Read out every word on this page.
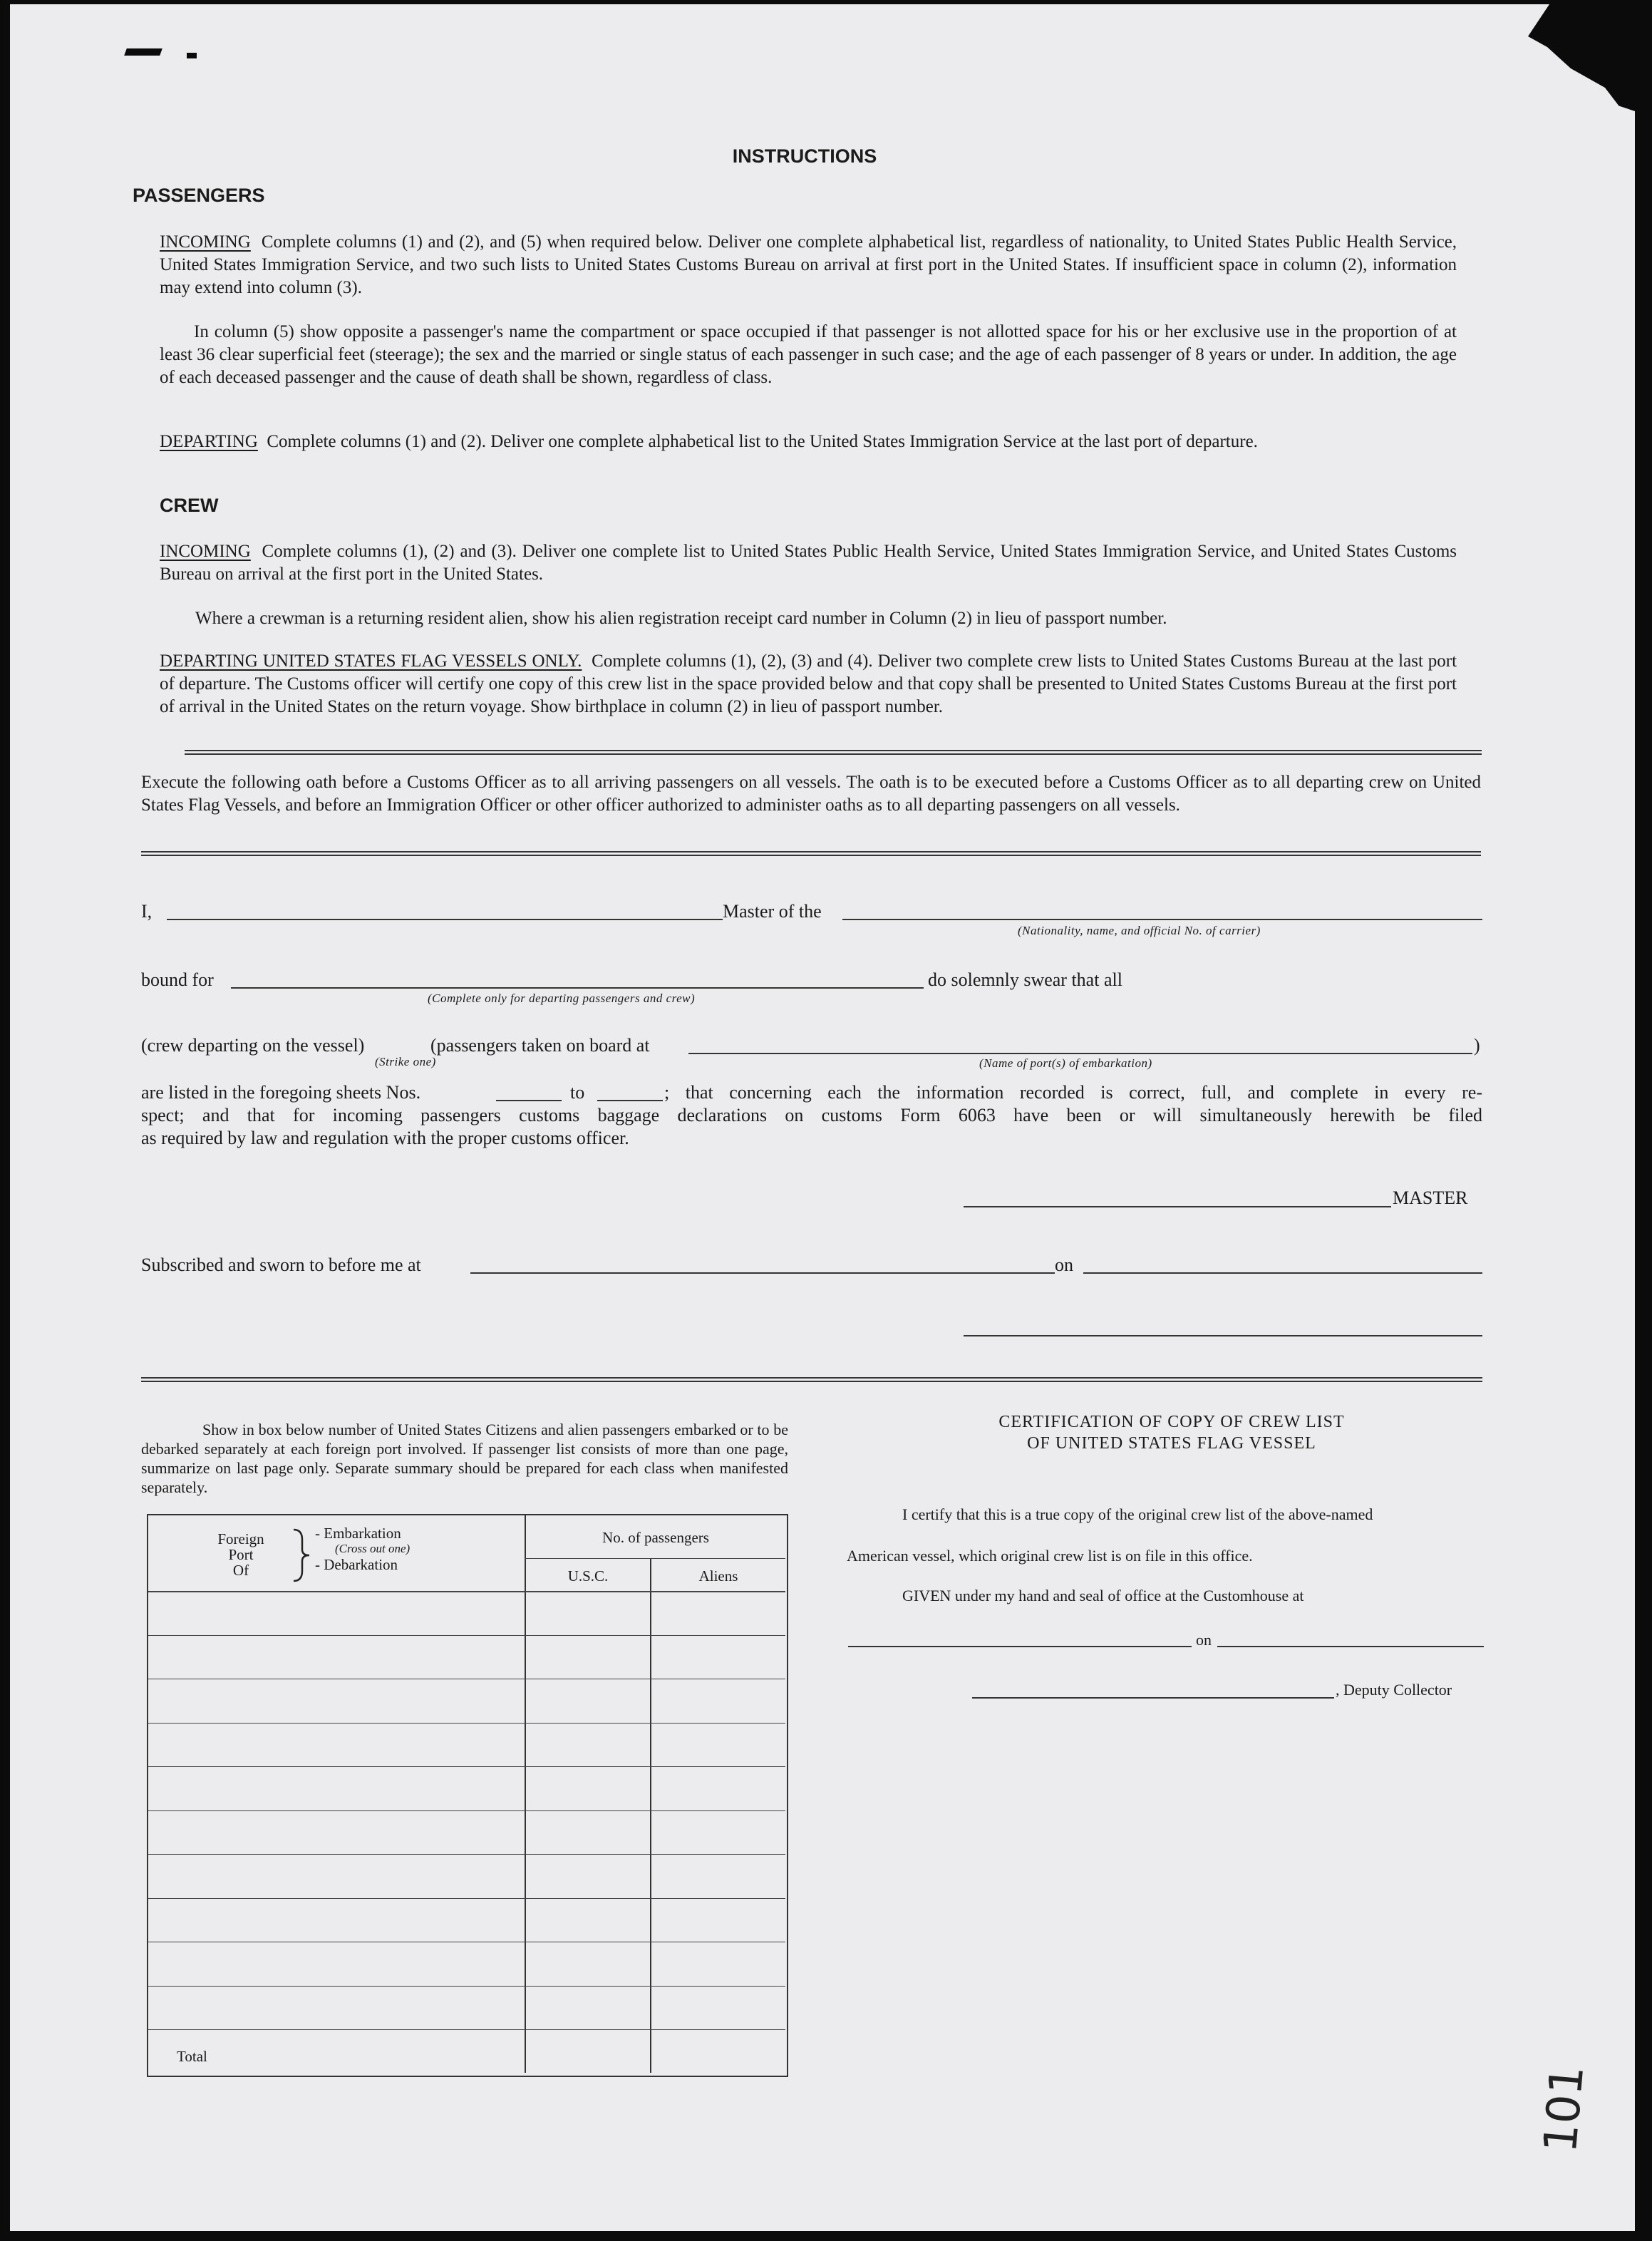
INSTRUCTIONS
PASSENGERS
INCOMING Complete columns (1) and (2), and (5) when required below. Deliver one complete alphabetical list, regardless of nationality, to United States Public Health Service, United States Immigration Service, and two such lists to United States Customs Bureau on arrival at first port in the United States. If insufficient space in column (2), information may extend into column (3).
In column (5) show opposite a passenger's name the compartment or space occupied if that passenger is not allotted space for his or her exclusive use in the proportion of at least 36 clear superficial feet (steerage); the sex and the married or single status of each passenger in such case; and the age of each passenger of 8 years or under. In addition, the age of each deceased passenger and the cause of death shall be shown, regardless of class.
DEPARTING Complete columns (1) and (2). Deliver one complete alphabetical list to the United States Immigration Service at the last port of departure.
CREW
INCOMING Complete columns (1), (2) and (3). Deliver one complete list to United States Public Health Service, United States Immigration Service, and United States Customs Bureau on arrival at the first port in the United States.
Where a crewman is a returning resident alien, show his alien registration receipt card number in Column (2) in lieu of passport number.
DEPARTING UNITED STATES FLAG VESSELS ONLY. Complete columns (1), (2), (3) and (4). Deliver two complete crew lists to United States Customs Bureau at the last port of departure. The Customs officer will certify one copy of this crew list in the space provided below and that copy shall be presented to United States Customs Bureau at the first port of arrival in the United States on the return voyage. Show birthplace in column (2) in lieu of passport number.
Execute the following oath before a Customs Officer as to all arriving passengers on all vessels. The oath is to be executed before a Customs Officer as to all departing crew on United States Flag Vessels, and before an Immigration Officer or other officer authorized to administer oaths as to all departing passengers on all vessels.
I,	Master of the
(Nationality, name, and official No. of carrier)
bound for
(Complete only for departing passengers and crew)
do solemnly swear that all
(crew departing on the vessel)	(passengers taken on board at
(Strike one)	(Name of port(s) of embarkation)
)
are listed in the foregoing sheets Nos.	to	; that concerning each the information recorded is correct, full, and complete in every re-
spect; and that for incoming passengers customs baggage declarations on customs Form 6063 have been or will simultaneously herewith be filed
as required by law and regulation with the proper customs officer.
MASTER
Subscribed and sworn to before me at	on
Show in box below number of United States Citizens and alien passengers embarked or to be debarked separately at each foreign port involved. If passenger list consists of more than one page, summarize on last page only. Separate summary should be prepared for each class when manifested separately.
Foreign
Port
Of
- Embarkation
(Cross out one)
- Debarkation
No. of passengers
U.S.C.	Aliens
Total
CERTIFICATION OF COPY OF CREW LIST
OF UNITED STATES FLAG VESSEL
I certify that this is a true copy of the original crew list of the above-named
American vessel, which original crew list is on file in this office.
GIVEN under my hand and seal of office at the Customhouse at
on
, Deputy Collector
101
